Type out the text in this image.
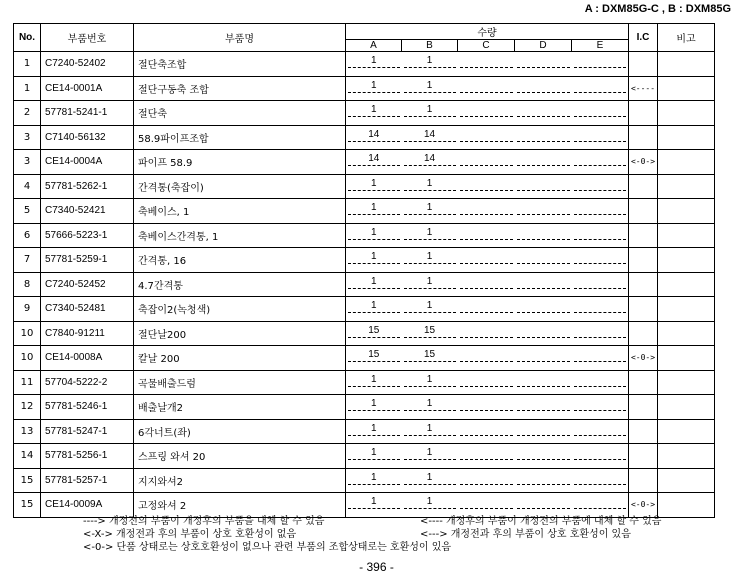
A : DXM85G-C , B : DXM85G
No.	부품번호	부품명	수량					I.C	비고
			A	B	C	D	E		
1	C7240-52402	절단축조합	1	1					

1	CE14-0001A	절단구동축 조합	1	1				<----	
2	57781-5241-1	절단축	1	1					

3	C7140-56132	58.9파이프조합	14	14					

3	CE14-0004A	파이프 58.9	14	14				<-0->	
4	57781-5262-1	간격통(축잡이)	1	1					

5	C7340-52421	축베이스, 1	1	1					

6	57666-5223-1	축베이스간격통, 1	1	1					

7	57781-5259-1	간격통, 16	1	1					

8	C7240-52452	4.7간격통	1	1					

9	C7340-52481	축잡이2(녹청색)	1	1					

10	C7840-91211	절단날200	15	15					

10	CE14-0008A	칼날 200	15	15				<-0->	
11	57704-5222-2	곡물배출드럼	1	1					

12	57781-5246-1	배출날개2	1	1					

13	57781-5247-1	6각너트(좌)	1	1					

14	57781-5256-1	스프링 와셔 20	1	1					

15	57781-5257-1	지지와셔2	1	1					

15	CE14-0009A	고정와셔 2	1	1				<-0->	
----> 개정전의 부품이 개정후의 부품을 대체 할 수 있음	<---- 개정후의 부품이 개정전의 부품에 대체 할 수 있음
<-X-> 개정전과 후의 부품이 상호 호환성이 없음	<---> 개정전과 후의 부품이 상호 호환성이 있음
<-0-> 단품 상태로는 상호호환성이 없으나 관련 부품의 조합상태로는 호환성이 있음
- 396 -
